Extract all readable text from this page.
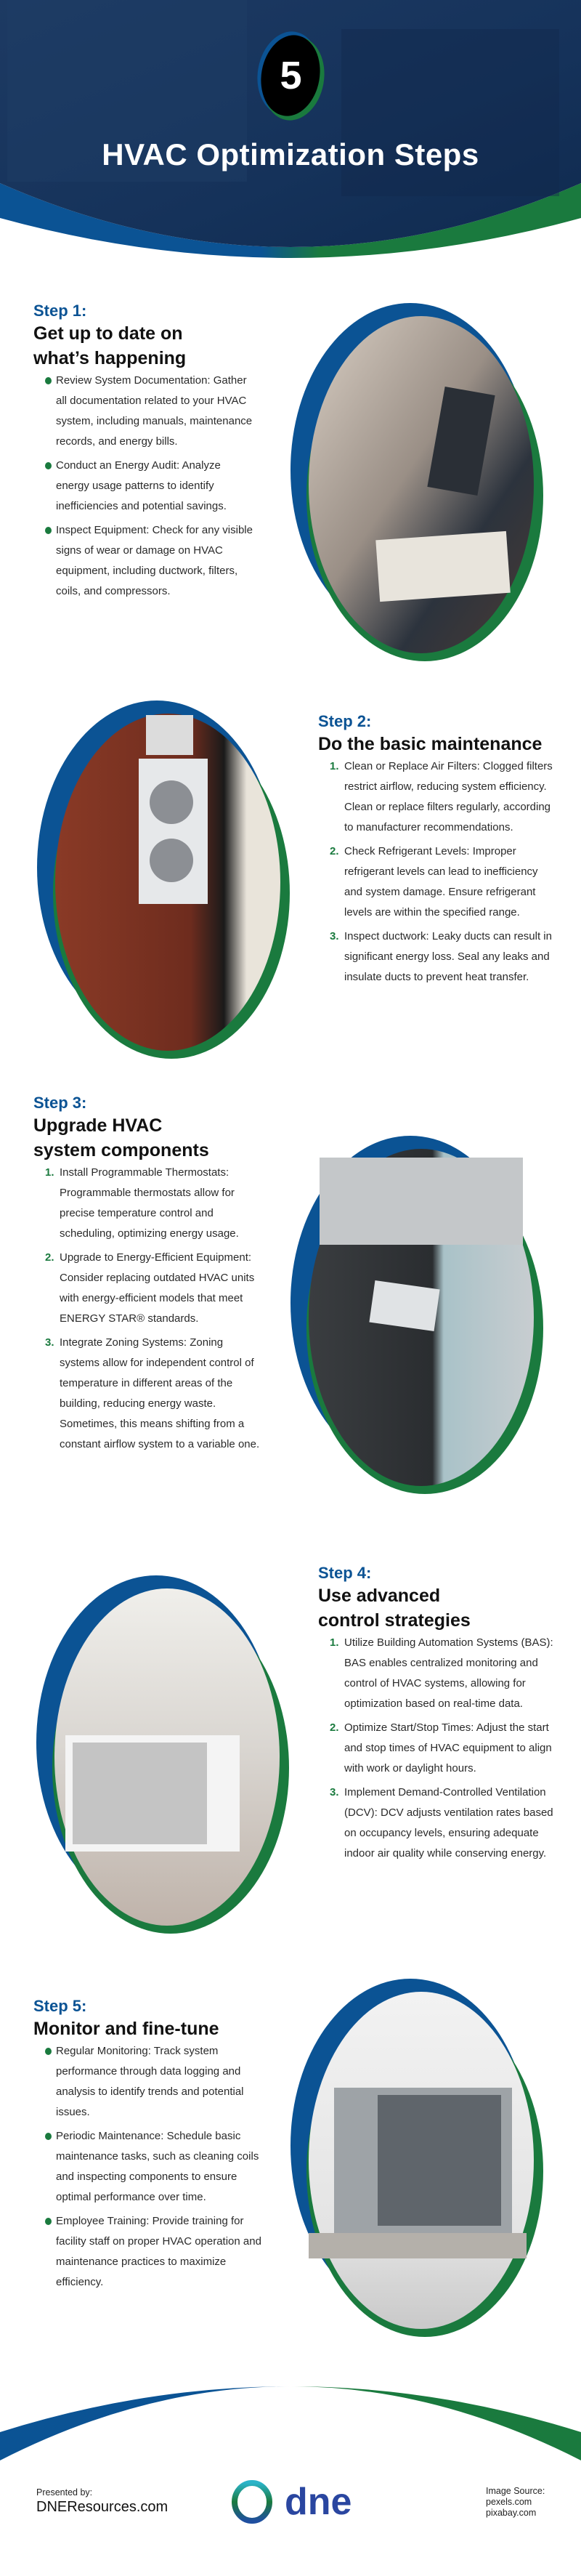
5
HVAC Optimization Steps
Step 1:
Get up to date on
what’s happening
Review System Documentation: Gather all documentation related to your HVAC system, including manuals, maintenance records, and energy bills.
Conduct an Energy Audit: Analyze energy usage patterns to identify inefficiencies and potential savings.
Inspect Equipment: Check for any visible signs of wear or damage on HVAC equipment, including ductwork, filters, coils, and compressors.
Step 2:
Do the basic maintenance
1. Clean or Replace Air Filters: Clogged filters restrict airflow, reducing system efficiency. Clean or replace filters regularly, according to manufacturer recommendations.
2. Check Refrigerant Levels: Improper refrigerant levels can lead to inefficiency and system damage. Ensure refrigerant levels are within the specified range.
3. Inspect ductwork: Leaky ducts can result in significant energy loss. Seal any leaks and insulate ducts to prevent heat transfer.
Step 3:
Upgrade HVAC
system components
1. Install Programmable Thermostats: Programmable thermostats allow for precise temperature control and scheduling, optimizing energy usage.
2. Upgrade to Energy-Efficient Equipment: Consider replacing outdated HVAC units with energy-efficient models that meet ENERGY STAR® standards.
3. Integrate Zoning Systems: Zoning systems allow for independent control of temperature in different areas of the building, reducing energy waste. Sometimes, this means shifting from a constant airflow system to a variable one.
Step 4:
Use advanced
control strategies
1. Utilize Building Automation Systems (BAS): BAS enables centralized monitoring and control of HVAC systems, allowing for optimization based on real-time data.
2. Optimize Start/Stop Times: Adjust the start and stop times of HVAC equipment to align with work or daylight hours.
3. Implement Demand-Controlled Ventilation (DCV): DCV adjusts ventilation rates based on occupancy levels, ensuring adequate indoor air quality while conserving energy.
Step 5:
Monitor and fine-tune
Regular Monitoring: Track system performance through data logging and analysis to identify trends and potential issues.
Periodic Maintenance: Schedule basic maintenance tasks, such as cleaning coils and inspecting components to ensure optimal performance over time.
Employee Training: Provide training for facility staff on proper HVAC operation and maintenance practices to maximize efficiency.
Presented by:
DNEResources.com	dne	Image Source:
pexels.com
pixabay.com
